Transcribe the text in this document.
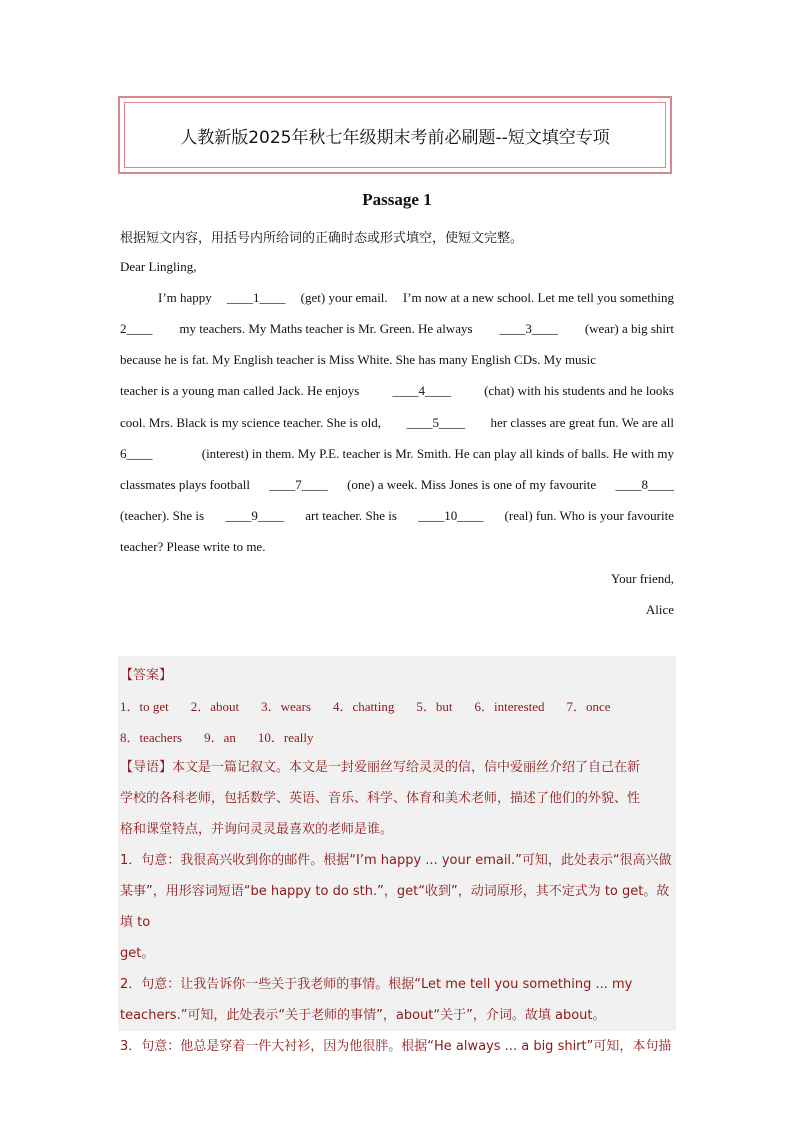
人教新版2025年秋七年级期末考前必刷题--短文填空专项
Passage 1
根据短文内容，用括号内所给词的正确时态或形式填空，使短文完整。
Dear Lingling,
I’m happy ____1____ (get) your email. I’m now at a new school. Let me tell you something
2____ my teachers. My Maths teacher is Mr. Green. He always ____3____ (wear) a big shirt
because he is fat. My English teacher is Miss White. She has many English CDs. My music
teacher is a young man called Jack. He enjoys	____4____	(chat) with his students and he looks
cool. Mrs. Black is my science teacher. She is old, ____5____ her classes are great fun. We are all
6____	(interest) in them. My P.E. teacher is Mr. Smith. He can play all kinds of balls. He with my
classmates plays football ____7____ (one) a week. Miss Jones is one of my favourite ____8____
(teacher). She is ____9____ art teacher. She is ____10____ (real) fun. Who is your favourite
teacher? Please write to me.
Your friend,
Alice
【答案】
1．to get 2．about 3．wears 4．chatting 5．but 6．interested 7．once
8．teachers 9．an 10．really
【导语】本文是一篇记叙文。本文是一封爱丽丝写给灵灵的信，信中爱丽丝介绍了自己在新
学校的各科老师，包括数学、英语、音乐、科学、体育和美术老师，描述了他们的外貌、性
格和课堂特点，并询问灵灵最喜欢的老师是谁。
1．句意：我很高兴收到你的邮件。根据“I’m happy ... your email.”可知，此处表示“很高兴做
某事”，用形容词短语“be happy to do sth.”，get“收到”，动词原形，其不定式为 to get。故填 to
get。
2．句意：让我告诉你一些关于我老师的事情。根据“Let me tell you something ... my
teachers.”可知，此处表示“关于老师的事情”，about“关于”，介词。故填 about。
3．句意：他总是穿着一件大衬衫，因为他很胖。根据“He always ... a big shirt”可知，本句描
